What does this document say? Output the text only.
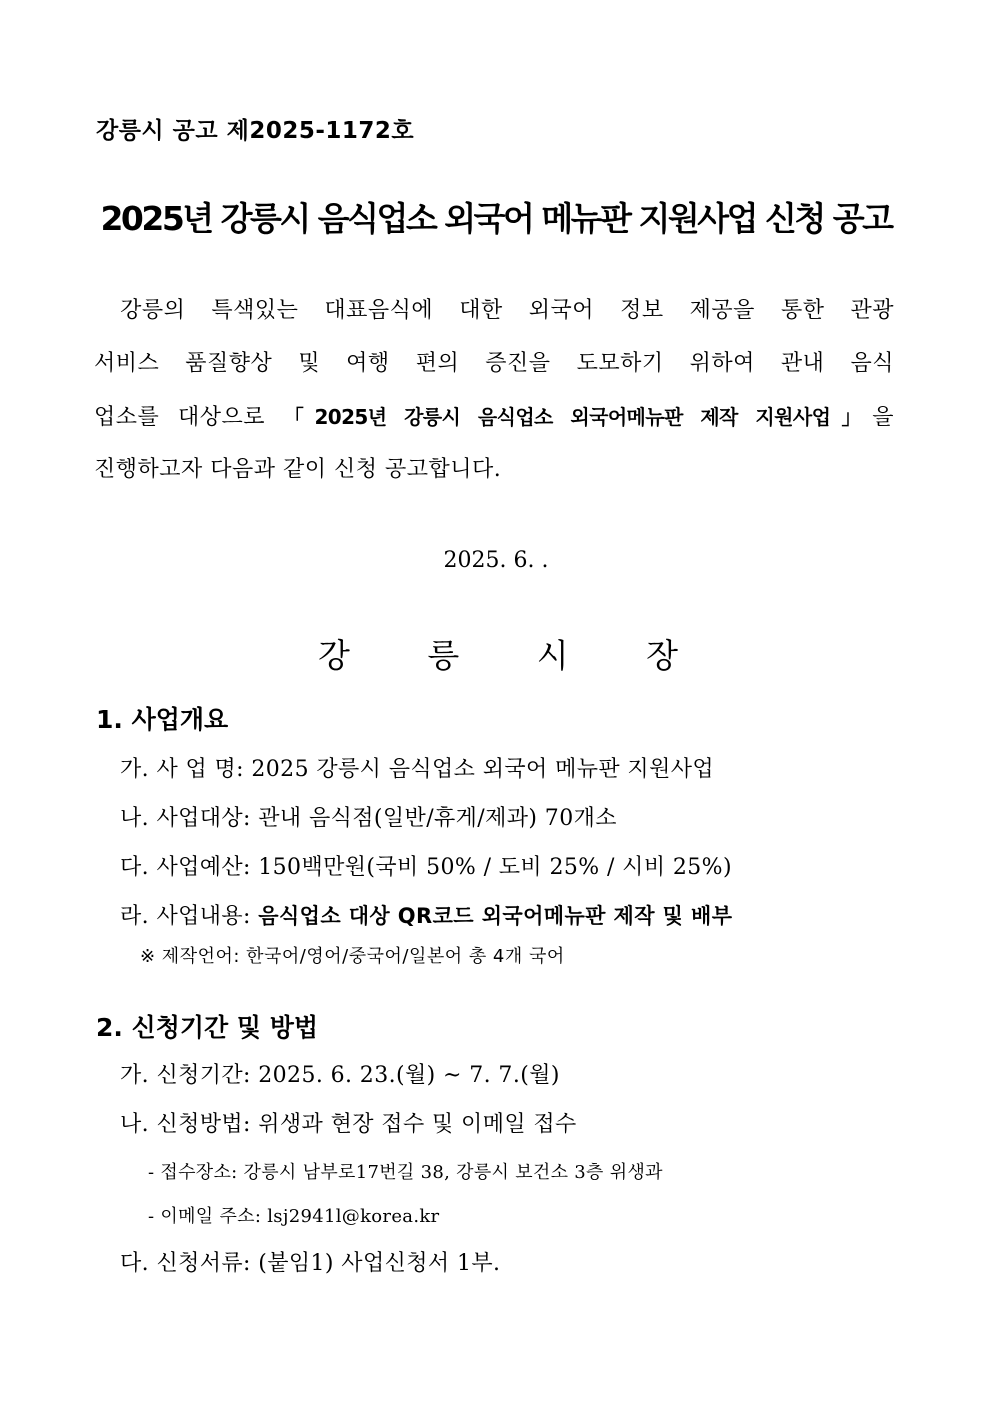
강릉시 공고 제2025-1172호
2025년 강릉시 음식업소 외국어 메뉴판 지원사업 신청 공고
강릉의 특색있는 대표음식에 대한 외국어 정보 제공을 통한 관광
서비스 품질향상 및 여행 편의 증진을 도모하기 위하여 관내 음식
업소를 대상으로 「2025년 강릉시 음식업소 외국어메뉴판 제작 지원사업」을
진행하고자 다음과 같이 신청 공고합니다.
2025. 6. .
강 릉 시 장
1. 사업개요
가. 사 업 명: 2025 강릉시 음식업소 외국어 메뉴판 지원사업
나. 사업대상: 관내 음식점(일반/휴게/제과) 70개소
다. 사업예산: 150백만원(국비 50% / 도비 25% / 시비 25%)
라. 사업내용: 음식업소 대상 QR코드 외국어메뉴판 제작 및 배부
※ 제작언어: 한국어/영어/중국어/일본어 총 4개 국어
2. 신청기간 및 방법
가. 신청기간: 2025. 6. 23.(월) ~ 7. 7.(월)
나. 신청방법: 위생과 현장 접수 및 이메일 접수
- 접수장소: 강릉시 남부로17번길 38, 강릉시 보건소 3층 위생과
- 이메일 주소: lsj2941l@korea.kr
다. 신청서류: (붙임1) 사업신청서 1부.
